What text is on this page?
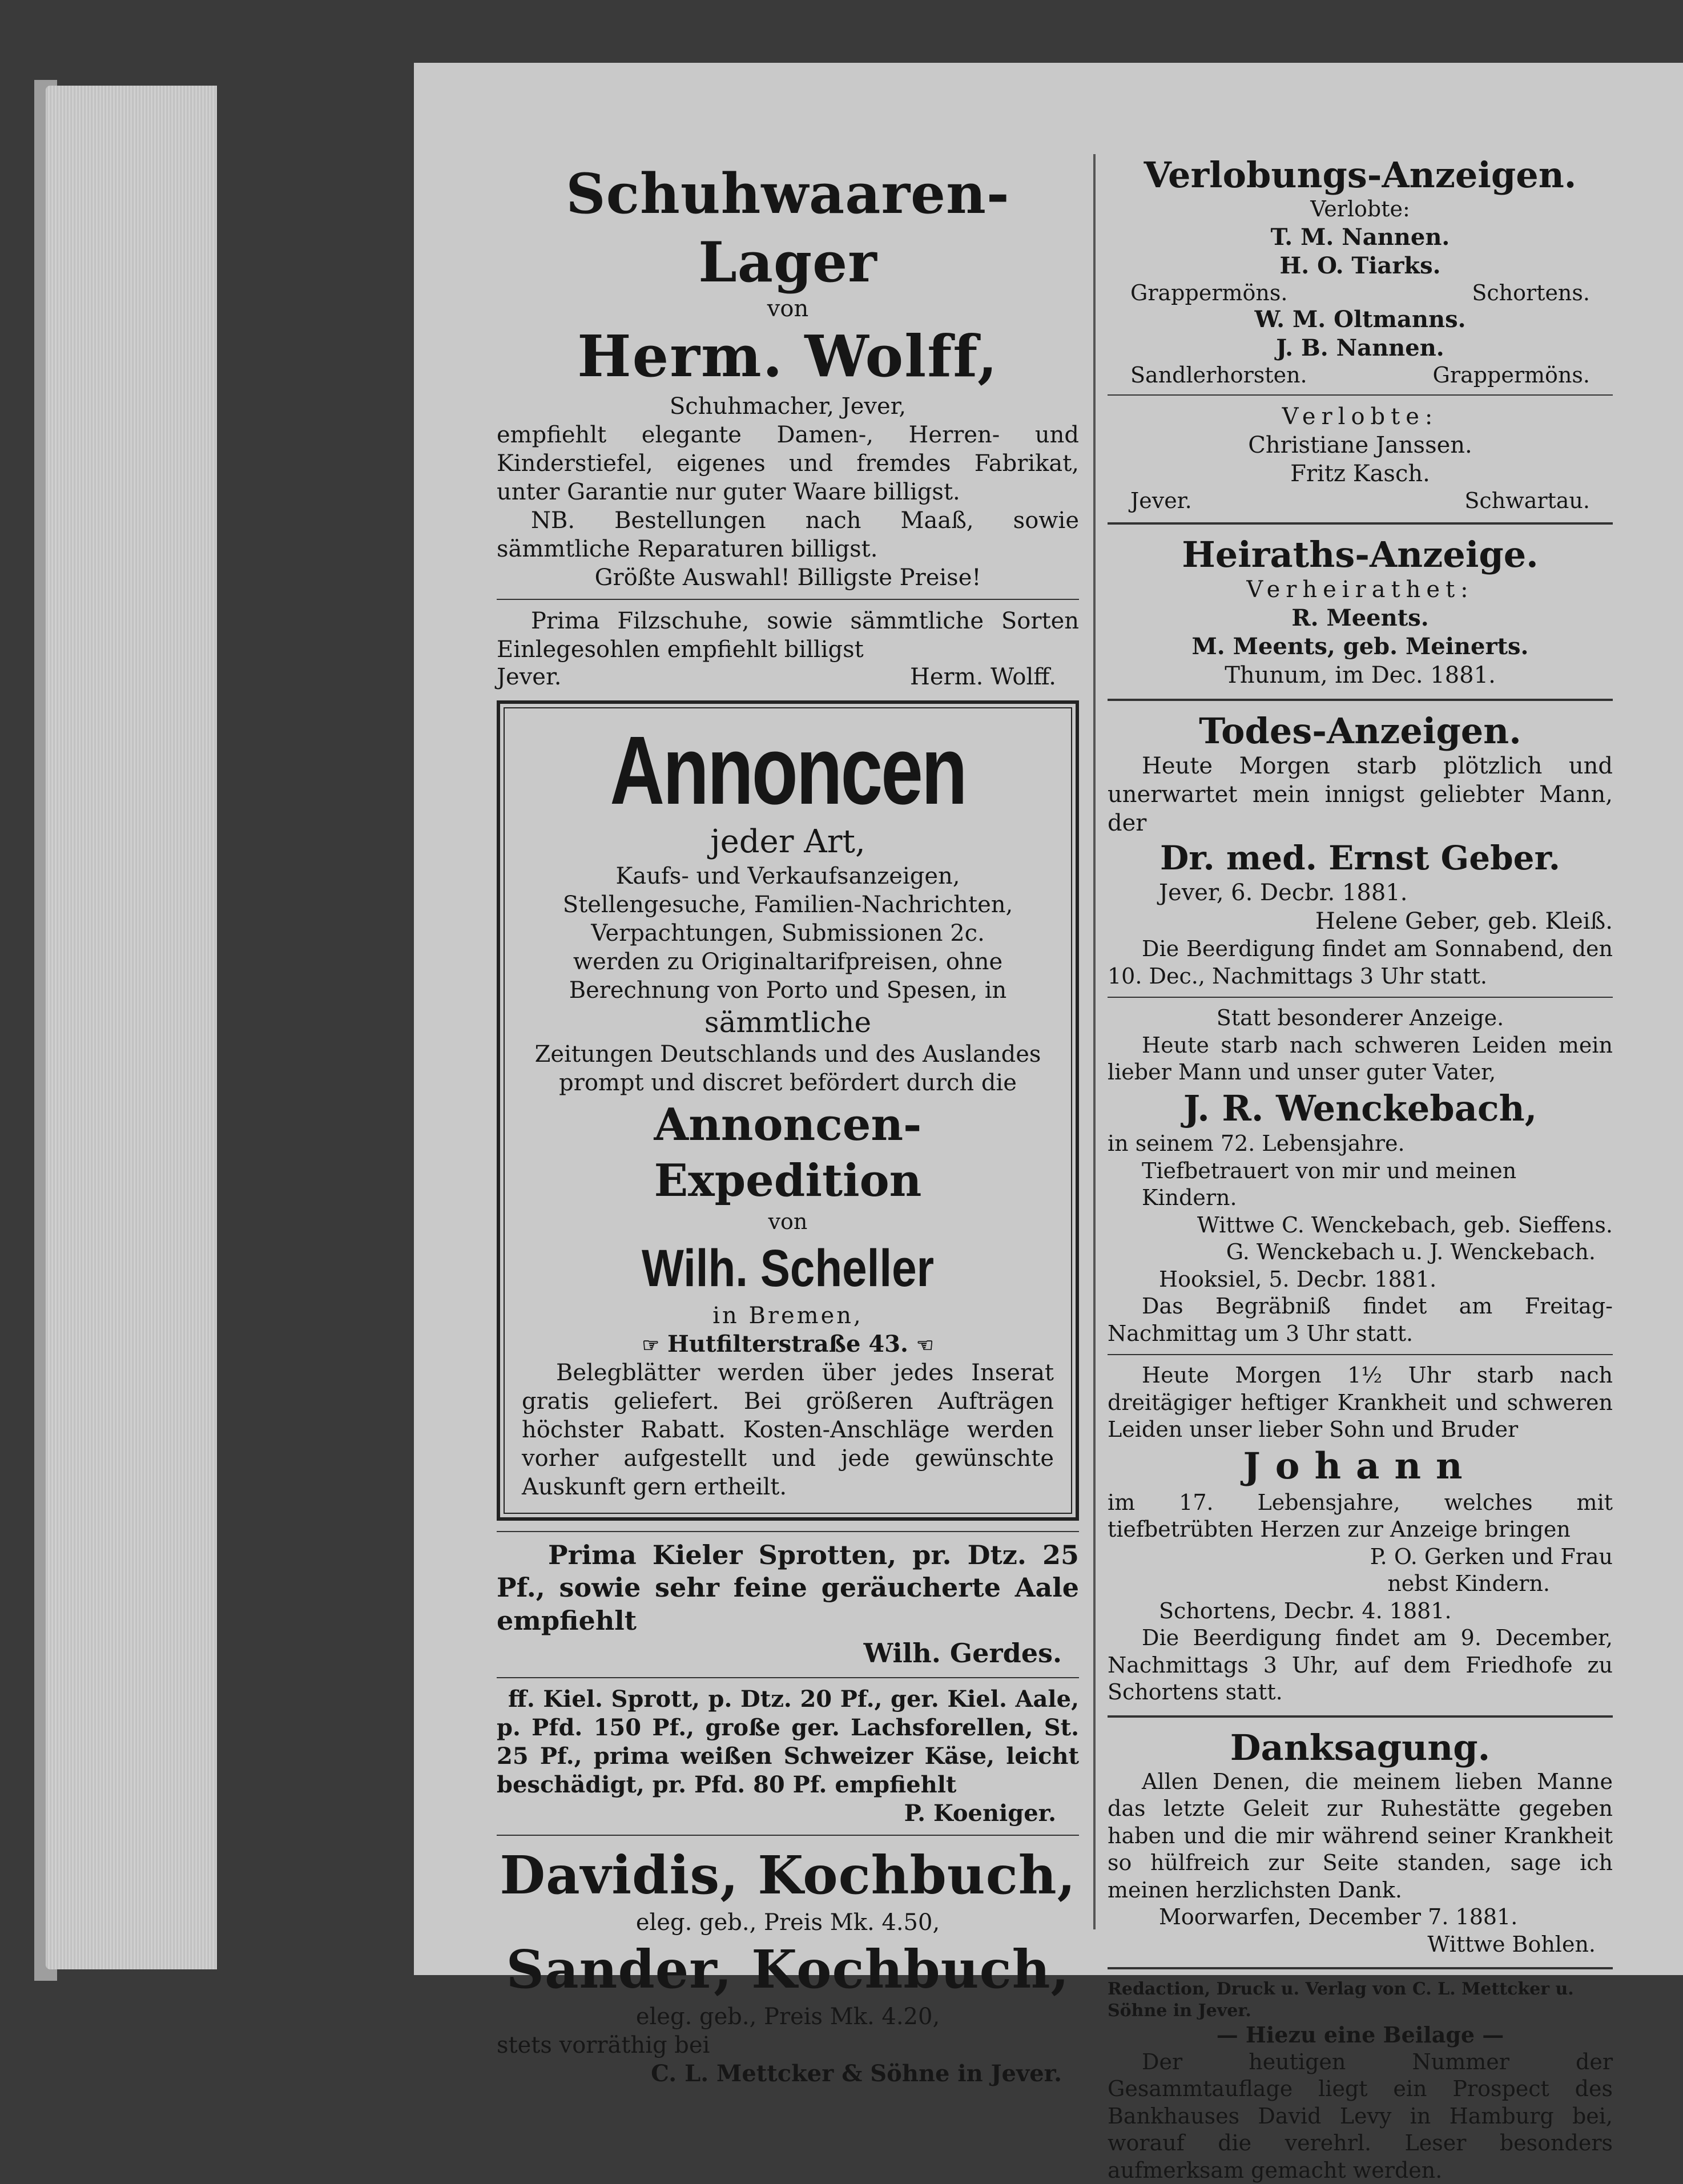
Schuhwaaren-Lager

von

Herm. Wolff,

Schuhmacher, Jever,

empfiehlt elegante Damen-, Herren- und Kinderstiefel, eigenes und fremdes Fabrikat, unter Garantie nur guter Waare billigst.

NB. Bestellungen nach Maaß, sowie sämmtliche Reparaturen billigst.

Größte Auswahl! Billigste Preise!

Prima Filzschuhe, sowie sämmtliche Sorten Einlegesohlen empfiehlt billigst

Jever.	Herm. Wolff.

Annoncen

jeder Art,

Kaufs- und Verkaufsanzeigen, Stellengesuche, Familien-Nachrichten, Verpachtungen, Submissionen 2c.

werden zu Originaltarifpreisen, ohne Berechnung von Porto und Spesen, in

sämmtliche

Zeitungen Deutschlands und des Auslandes prompt und discret befördert durch die

Annoncen-Expedition

von

Wilh. Scheller

in Bremen,

☞ Hutfilterstraße 43. ☜

Belegblätter werden über jedes Inserat gratis geliefert. Bei größeren Aufträgen höchster Rabatt. Kosten-Anschläge werden vorher aufgestellt und jede gewünschte Auskunft gern ertheilt.

Prima Kieler Sprotten, pr. Dtz. 25 Pf., sowie sehr feine geräucherte Aale empfiehlt

Wilh. Gerdes.

ff. Kiel. Sprott, p. Dtz. 20 Pf., ger. Kiel. Aale, p. Pfd. 150 Pf., große ger. Lachsforellen, St. 25 Pf., prima weißen Schweizer Käse, leicht beschädigt, pr. Pfd. 80 Pf. empfiehlt

P. Koeniger.

Davidis, Kochbuch,

eleg. geb., Preis Mk. 4.50,

Sander, Kochbuch,

eleg. geb., Preis Mk. 4.20,

stets vorräthig bei

C. L. Mettcker & Söhne in Jever.

Verlobungs-Anzeigen.

Verlobte:

T. M. Nannen.

H. O. Tiarks.

Grappermöns.	Schortens.

W. M. Oltmanns.

J. B. Nannen.

Sandlerhorsten.	Grappermöns.

Verlobte:

Christiane Janssen.

Fritz Kasch.

Jever.	Schwartau.

Heiraths-Anzeige.

Verheirathet:

R. Meents.

M. Meents, geb. Meinerts.

Thunum, im Dec. 1881.

Todes-Anzeigen.

Heute Morgen starb plötzlich und unerwartet mein innigst geliebter Mann, der

Dr. med. Ernst Geber.

Jever, 6. Decbr. 1881.

Helene Geber, geb. Kleiß.

Die Beerdigung findet am Sonnabend, den 10. Dec., Nachmittags 3 Uhr statt.

Statt besonderer Anzeige.

Heute starb nach schweren Leiden mein lieber Mann und unser guter Vater,

J. R. Wenckebach,

in seinem 72. Lebensjahre.

Tiefbetrauert von mir und meinen Kindern.

Wittwe C. Wenckebach, geb. Sieffens.

G. Wenckebach u. J. Wenckebach.

Hooksiel, 5. Decbr. 1881.

Das Begräbniß findet am Freitag-Nachmittag um 3 Uhr statt.

Heute Morgen 1½ Uhr starb nach dreitägiger heftiger Krankheit und schweren Leiden unser lieber Sohn und Bruder

Johann

im 17. Lebensjahre, welches mit tiefbetrübten Herzen zur Anzeige bringen

P. O. Gerken und Frau

nebst Kindern.

Schortens, Decbr. 4. 1881.

Die Beerdigung findet am 9. December, Nachmittags 3 Uhr, auf dem Friedhofe zu Schortens statt.

Danksagung.

Allen Denen, die meinem lieben Manne das letzte Geleit zur Ruhestätte gegeben haben und die mir während seiner Krankheit so hülfreich zur Seite standen, sage ich meinen herzlichsten Dank.

Moorwarfen, December 7. 1881.

Wittwe Bohlen.

Redaction, Druck u. Verlag von C. L. Mettcker u. Söhne in Jever.

— Hiezu eine Beilage —

Der heutigen Nummer der Gesammtauflage liegt ein Prospect des Bankhauses David Levy in Hamburg bei, worauf die verehrl. Leser besonders aufmerksam gemacht werden.
